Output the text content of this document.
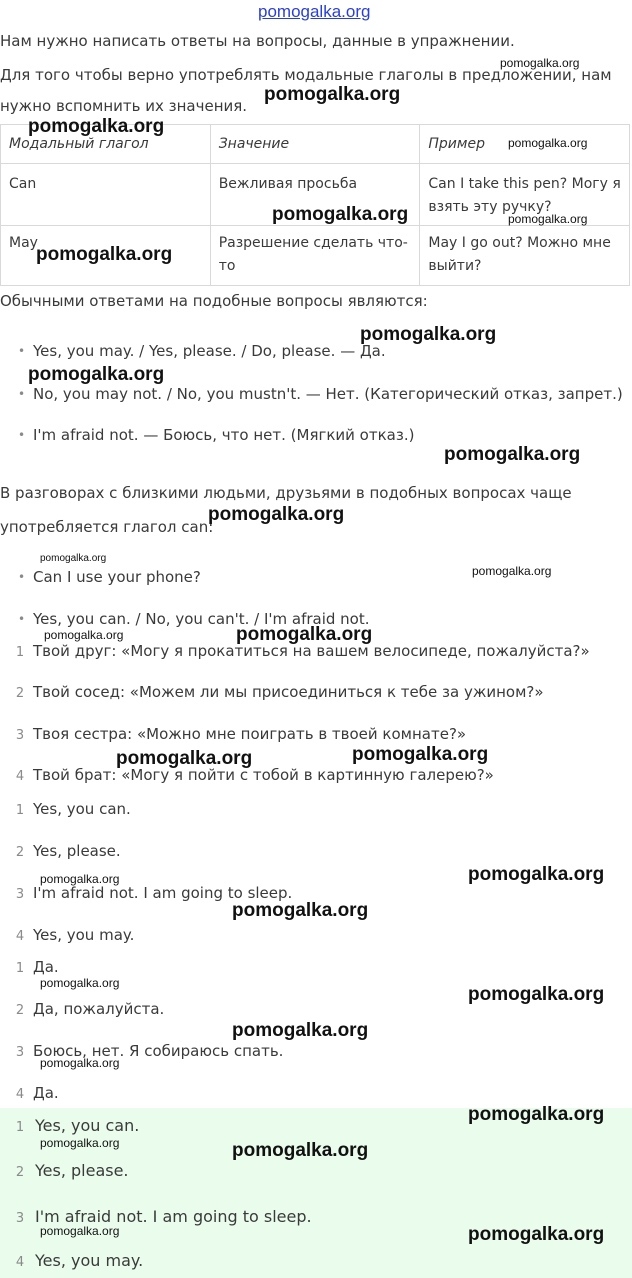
pomogalka.org
Нам нужно написать ответы на вопросы, данные в упражнении.
Для того чтобы верно употреблять модальные глаголы в предложении, нам
нужно вспомнить их значения.
Модальный глагол	Значение	Пример
Can	Вежливая просьба	Can I take this pen? Могу я взять эту ручку?
May	Разрешение сделать что-то	May I go out? Можно мне выйти?
Обычными ответами на подобные вопросы являются:
• Yes, you may. / Yes, please. / Do, please. — Да.
• No, you may not. / No, you mustn't. — Нет. (Категорический отказ, запрет.)
• I'm afraid not. — Боюсь, что нет. (Мягкий отказ.)
В разговорах с близкими людьми, друзьями в подобных вопросах чаще
употребляется глагол can:
• Can I use your phone?
• Yes, you can. / No, you can't. / I'm afraid not.
1 Твой друг: «Могу я прокатиться на вашем велосипеде, пожалуйста?»
2 Твой сосед: «Можем ли мы присоединиться к тебе за ужином?»
3 Твоя сестра: «Можно мне поиграть в твоей комнате?»
4 Твой брат: «Могу я пойти с тобой в картинную галерею?»
1 Yes, you can.
2 Yes, please.
3 I'm afraid not. I am going to sleep.
4 Yes, you may.
1 Да.
2 Да, пожалуйста.
3 Боюсь, нет. Я собираюсь спать.
4 Да.
1 Yes, you can.
2 Yes, please.
3 I'm afraid not. I am going to sleep.
4 Yes, you may.
pomogalka.org
pomogalka.org
pomogalka.org
pomogalka.org
pomogalka.org	pomogalka.org
pomogalka.org
pomogalka.org
pomogalka.org
pomogalka.org
pomogalka.org
pomogalka.org
pomogalka.org
pomogalka.org	pomogalka.org
pomogalka.org	pomogalka.org
pomogalka.org	pomogalka.org
pomogalka.org
pomogalka.org
pomogalka.org
pomogalka.org
pomogalka.org
pomogalka.org
pomogalka.org	pomogalka.org
pomogalka.org	pomogalka.org
